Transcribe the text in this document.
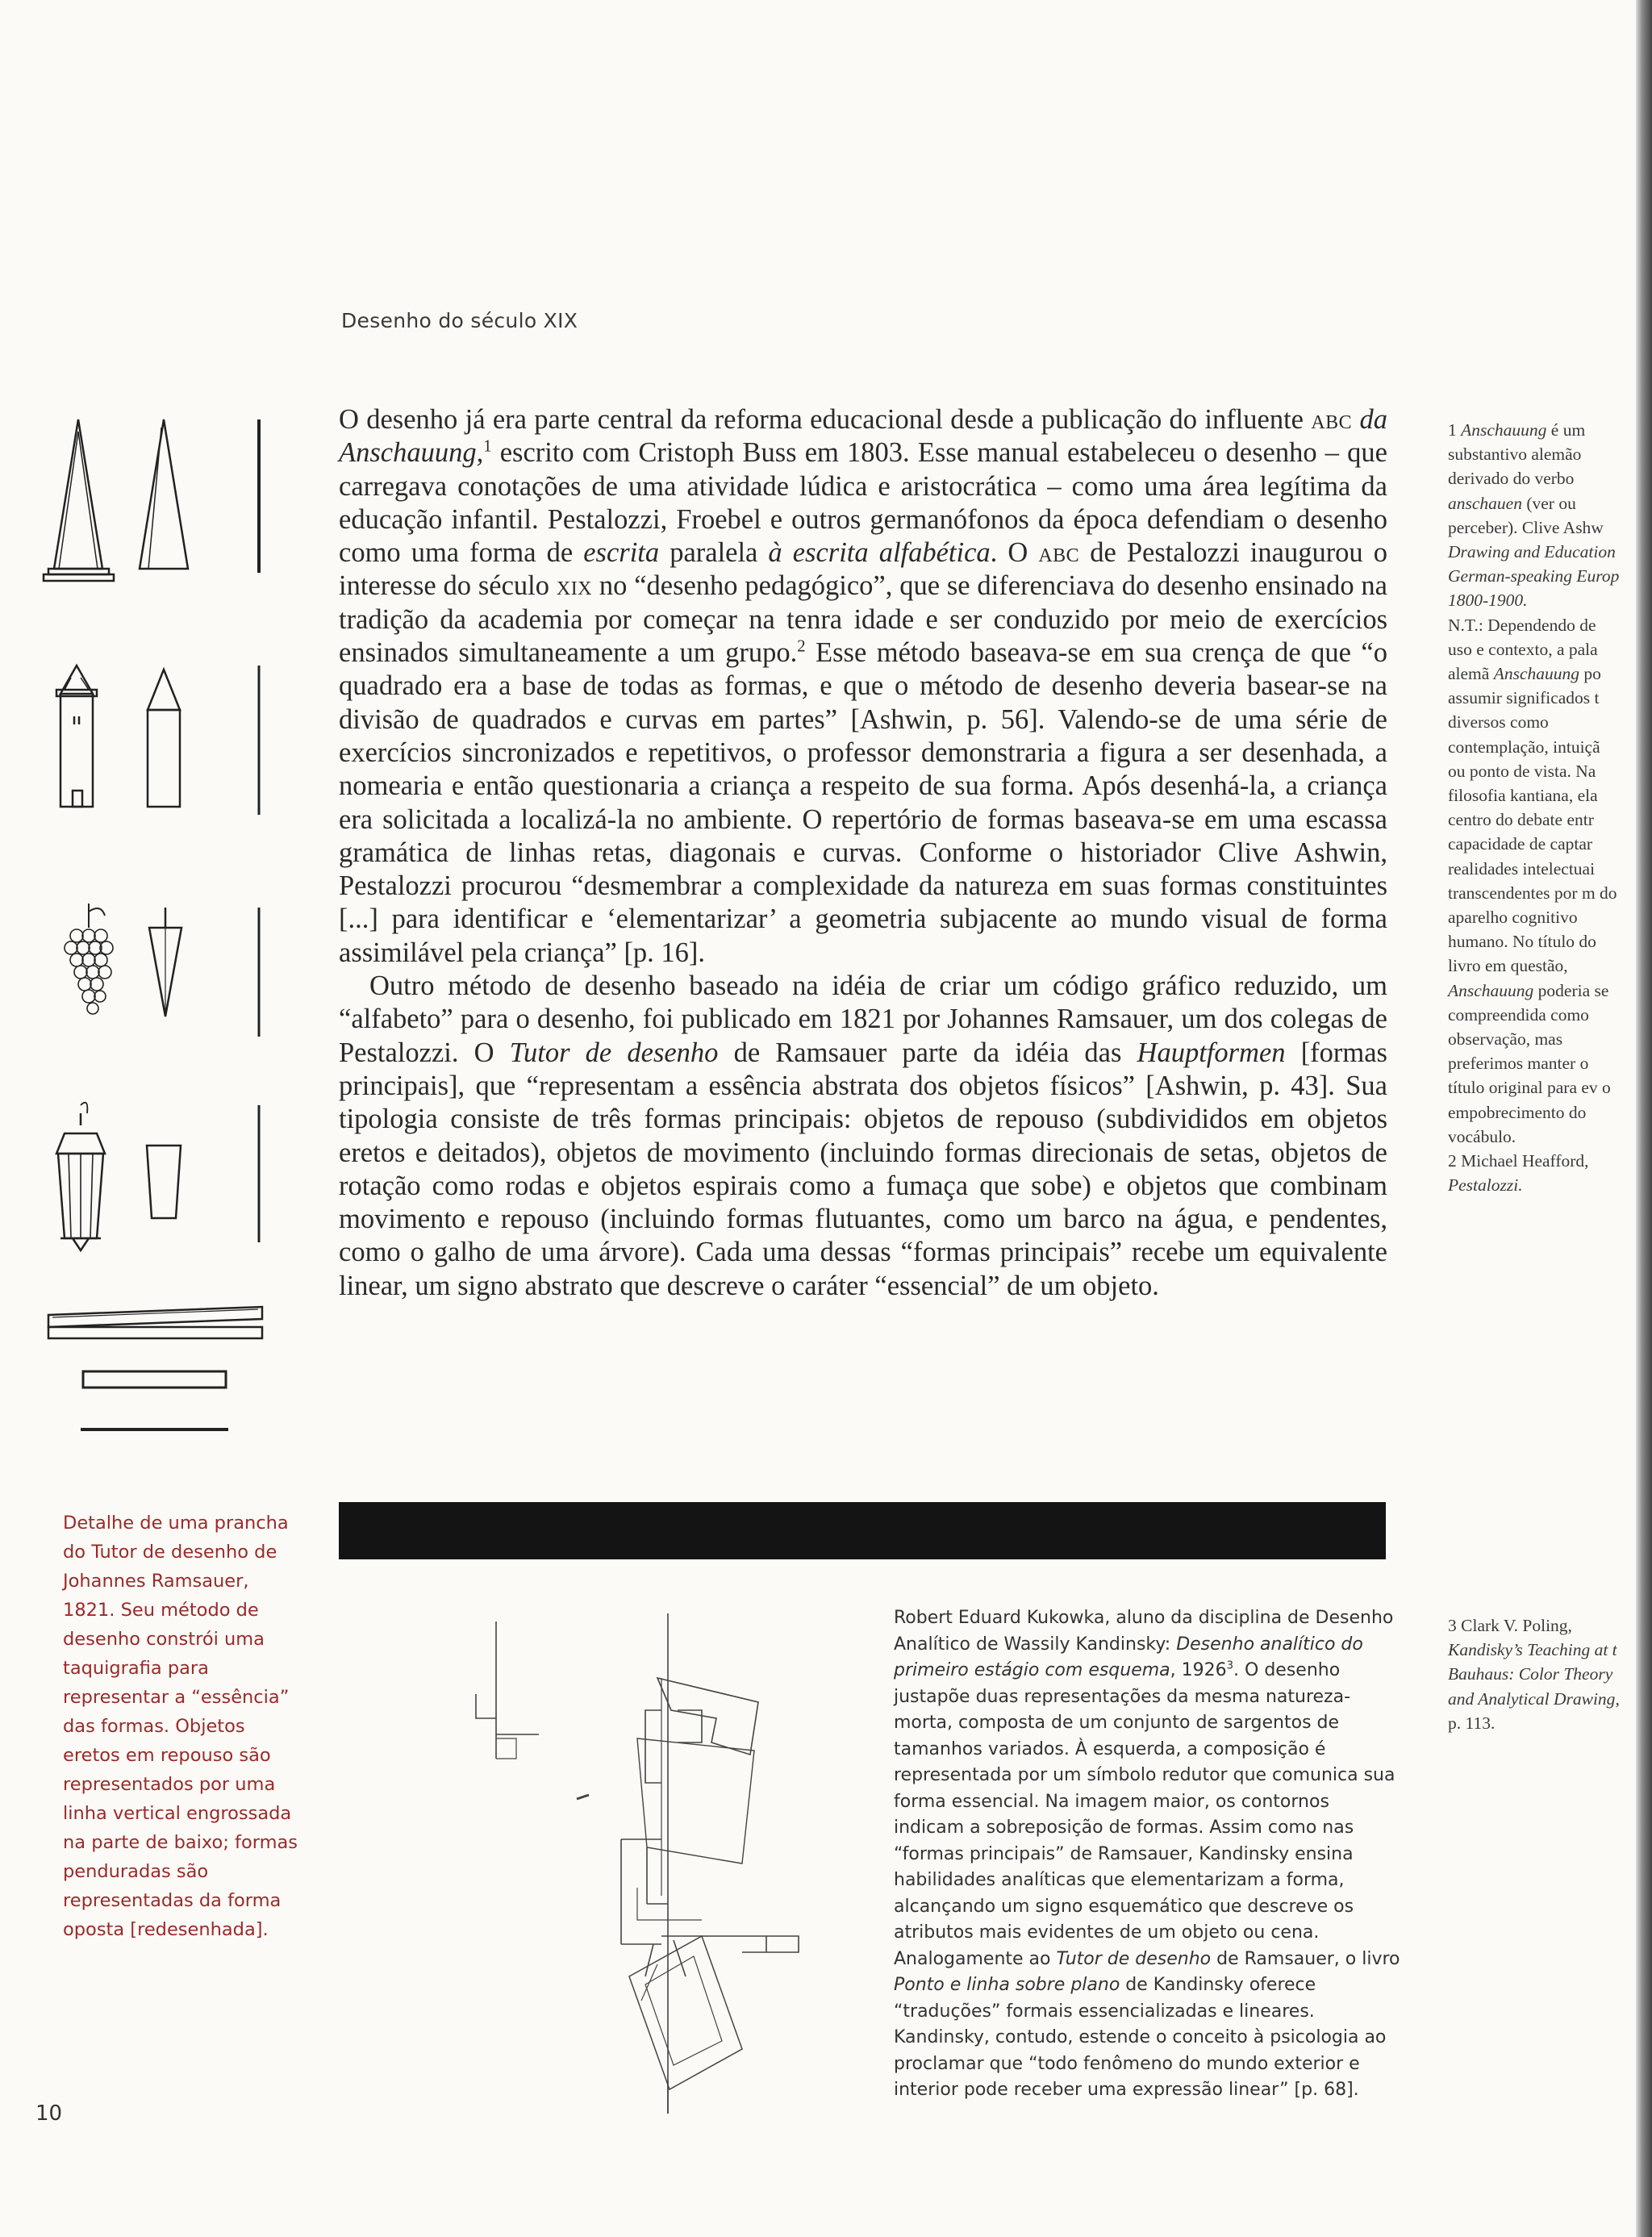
Desenho do século XIX

O desenho já era parte central da reforma educacional desde a publicação do influente abc da Anschauung,$^1$ escrito com Cristoph Buss em 1803. Esse manual estabeleceu o desenho – que carregava conotações de uma atividade lúdica e aristocrática – como uma área legítima da educação infantil. Pestalozzi, Froebel e outros germanófonos da época defendiam o desenho como uma forma de escrita paralela à escrita alfabética. O abc de Pestalozzi inaugurou o interesse do século xix no “desenho pedagógico”, que se diferenciava do desenho ensinado na tradição da academia por começar na tenra idade e ser conduzido por meio de exercícios ensinados simultaneamente a um grupo.$^2$ Esse método baseava-se em sua crença de que “o quadrado era a base de todas as formas, e que o método de desenho deveria basear-se na divisão de quadrados e curvas em partes” [Ashwin, p. 56]. Valendo-se de uma série de exercícios sincronizados e repetitivos, o professor demonstraria a figura a ser desenhada, a nomearia e então questionaria a criança a respeito de sua forma. Após desenhá-la, a criança era solicitada a localizá-la no ambiente. O repertório de formas baseava-se em uma escassa gramática de linhas retas, diagonais e curvas. Conforme o historiador Clive Ashwin, Pestalozzi procurou “desmembrar a complexidade da natureza em suas formas constituintes [...] para identificar e ‘elementarizar’ a geometria subjacente ao mundo visual de forma assimilável pela criança” [p. 16].

Outro método de desenho baseado na idéia de criar um código gráfico reduzido, um “alfabeto” para o desenho, foi publicado em 1821 por Johannes Ramsauer, um dos colegas de Pestalozzi. O Tutor de desenho de Ramsauer parte da idéia das Hauptformen [formas principais], que “representam a essência abstrata dos objetos físicos” [Ashwin, p. 43]. Sua tipologia consiste de três formas principais: objetos de repouso (subdivididos em objetos eretos e deitados), objetos de movimento (incluindo formas direcionais de setas, objetos de rotação como rodas e objetos espirais como a fumaça que sobe) e objetos que combinam movimento e repouso (incluindo formas flutuantes, como um barco na água, e pendentes, como o galho de uma árvore). Cada uma dessas “formas principais” recebe um equivalente linear, um signo abstrato que descreve o caráter “essencial” de um objeto.

1 Anschauung é um substantivo alemão derivado do verbo anschauen (ver ou perceber). Clive Ashw Drawing and Education German-speaking Europ 1800-1900.

N.T.: Dependendo de uso e contexto, a pala alemã Anschauung po assumir significados t diversos como contemplação, intuiçã ou ponto de vista. Na filosofia kantiana, ela centro do debate entr capacidade de captar realidades intelectuai transcendentes por m do aparelho cognitivo humano. No título do livro em questão, Anschauung poderia se compreendida como observação, mas preferimos manter o título original para ev o empobrecimento do vocábulo.

2 Michael Heafford, Pestalozzi.

3 Clark V. Poling, Kandisky’s Teaching at t Bauhaus: Color Theory and Analytical Drawing, p. 113.

Detalhe de uma prancha do Tutor de desenho de Johannes Ramsauer, 1821. Seu método de desenho constrói uma taquigrafia para representar a “essência” das formas. Objetos eretos em repouso são representados por uma linha vertical engrossada na parte de baixo; formas penduradas são representadas da forma oposta [redesenhada].

Robert Eduard Kukowka, aluno da disciplina de Desenho Analítico de Wassily Kandinsky: Desenho analítico do primeiro estágio com esquema, 1926$^3$. O desenho justapõe duas representações da mesma natureza-morta, composta de um conjunto de sargentos de tamanhos variados. À esquerda, a composição é representada por um símbolo redutor que comunica sua forma essencial. Na imagem maior, os contornos indicam a sobreposição de formas. Assim como nas “formas principais” de Ramsauer, Kandinsky ensina habilidades analíticas que elementarizam a forma, alcançando um signo esquemático que descreve os atributos mais evidentes de um objeto ou cena. Analogamente ao Tutor de desenho de Ramsauer, o livro Ponto e linha sobre plano de Kandinsky oferece “traduções” formais essencializadas e lineares. Kandinsky, contudo, estende o conceito à psicologia ao proclamar que “todo fenômeno do mundo exterior e interior pode receber uma expressão linear” [p. 68].

10
